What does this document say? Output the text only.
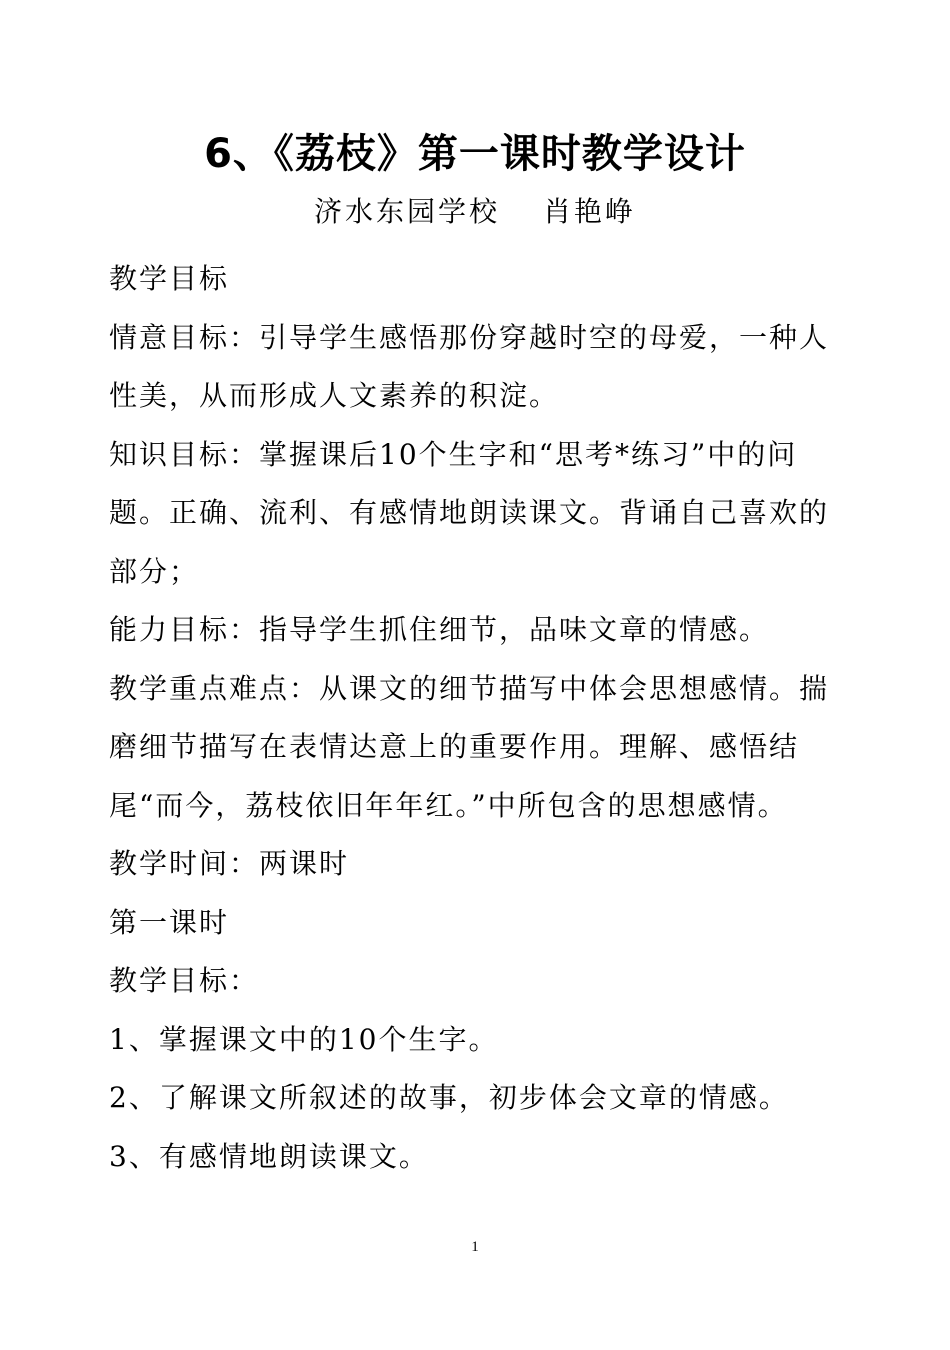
6、《荔枝》第一课时教学设计
济水东园学校　 肖艳峥

教学目标

情意目标：引导学生感悟那份穿越时空的母爱，一种人性美，从而形成人文素养的积淀。

知识目标：掌握课后10个生字和“思考*练习”中的问题。正确、流利、有感情地朗读课文。背诵自己喜欢的部分；

能力目标：指导学生抓住细节，品味文章的情感。

教学重点难点：从课文的细节描写中体会思想感情。揣磨细节描写在表情达意上的重要作用。理解、感悟结尾“而今，荔枝依旧年年红。”中所包含的思想感情。

教学时间：两课时

第一课时

教学目标：

1、掌握课文中的10个生字。

2、了解课文所叙述的故事，初步体会文章的情感。

3、有感情地朗读课文。

1
